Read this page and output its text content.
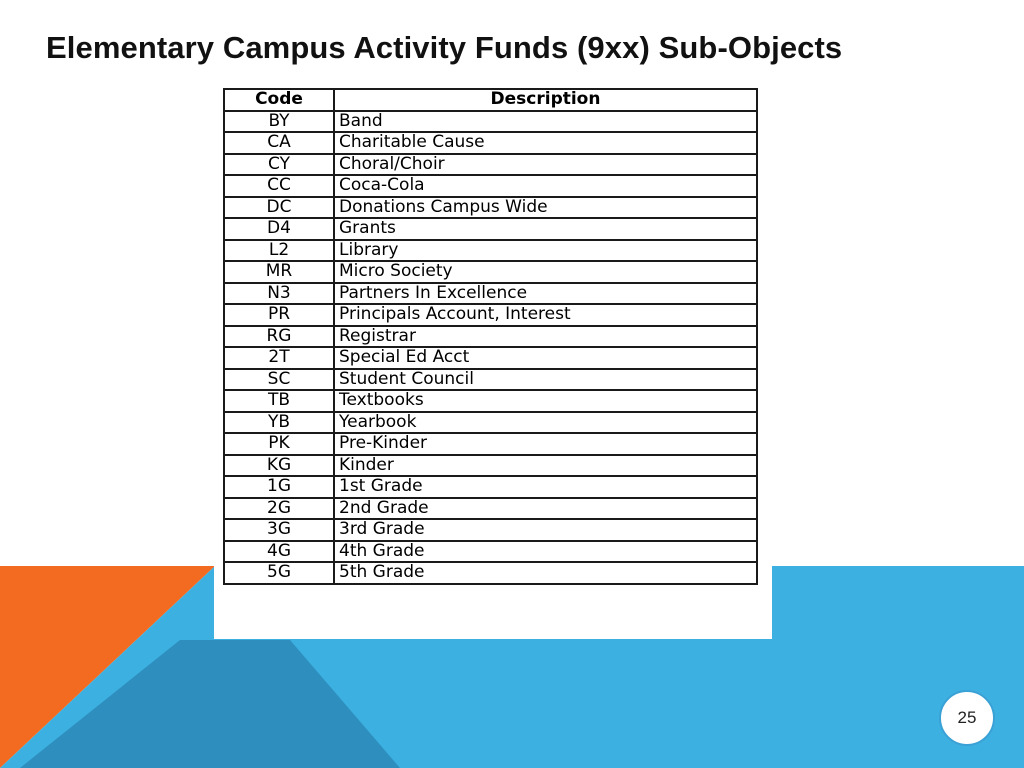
Elementary Campus Activity Funds (9xx) Sub-Objects
Code	Description
BY	Band
CA	Charitable Cause
CY	Choral/Choir
CC	Coca-Cola
DC	Donations Campus Wide
D4	Grants
L2	Library
MR	Micro Society
N3	Partners In Excellence
PR	Principals Account, Interest
RG	Registrar
2T	Special Ed Acct
SC	Student Council
TB	Textbooks
YB	Yearbook
PK	Pre-Kinder
KG	Kinder
1G	1st Grade
2G	2nd Grade
3G	3rd Grade
4G	4th Grade
5G	5th Grade
25
